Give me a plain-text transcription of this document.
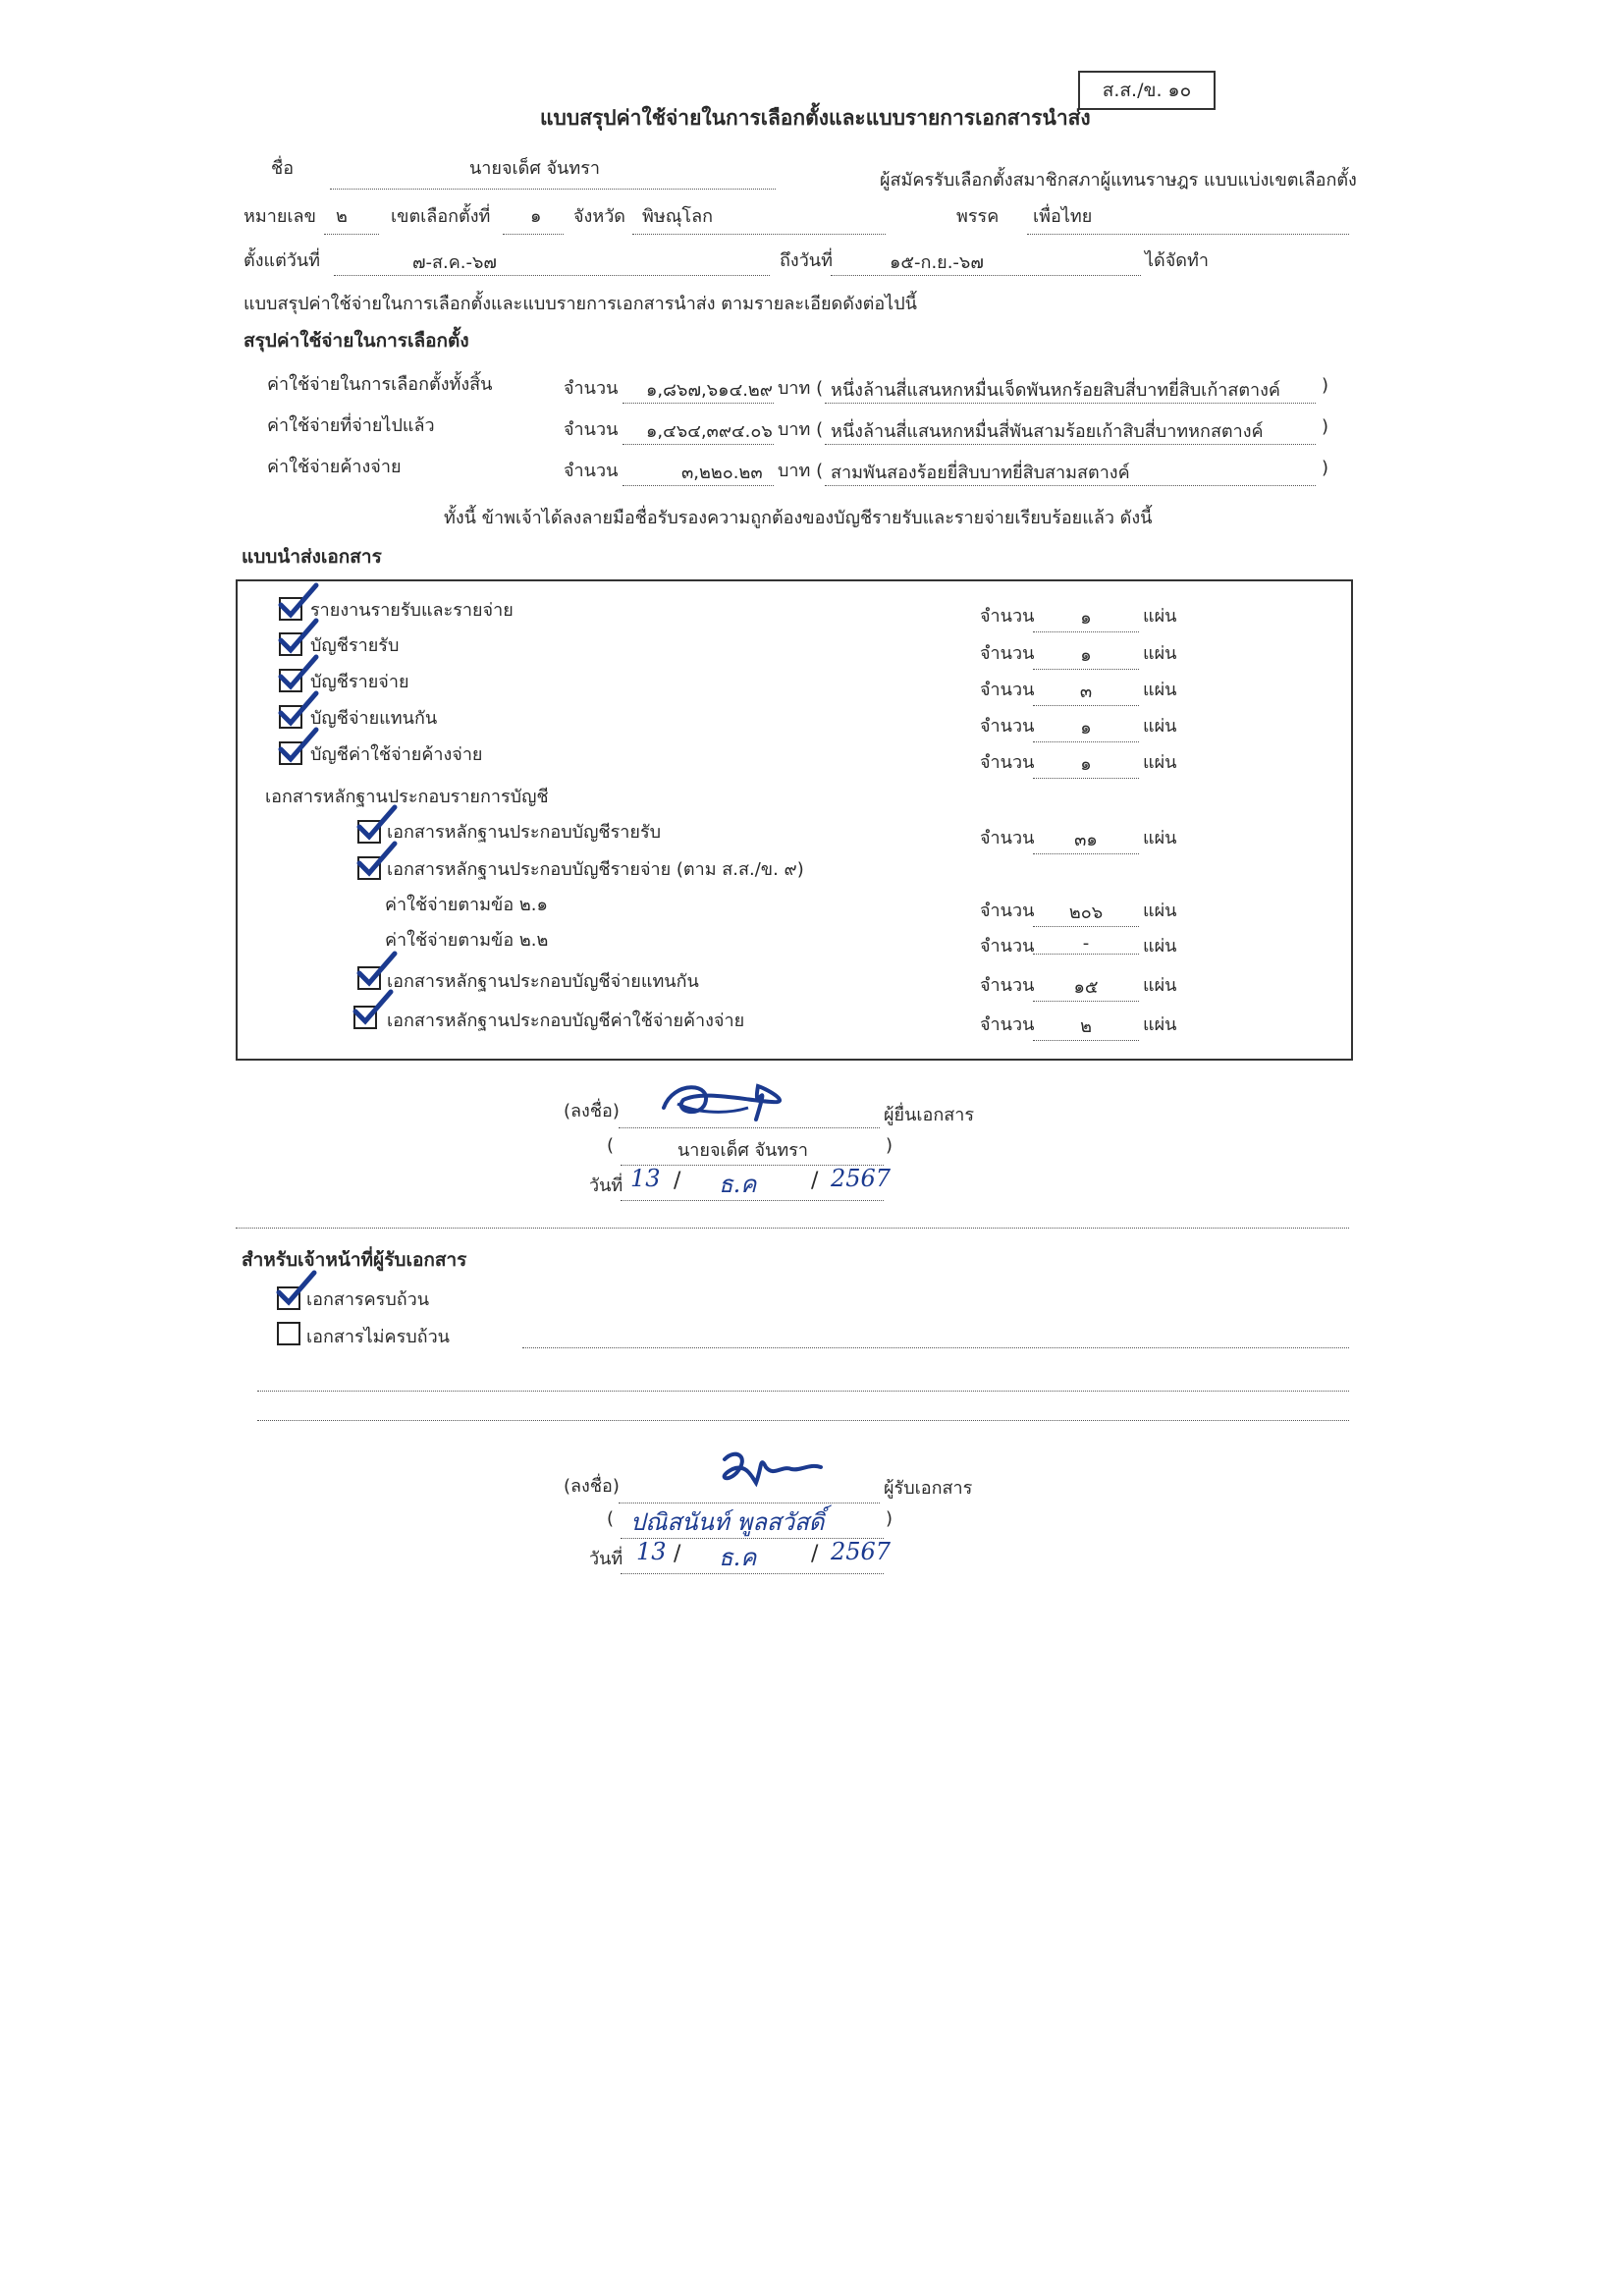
ส.ส./ข. ๑๐
แบบสรุปค่าใช้จ่ายในการเลือกตั้งและแบบรายการเอกสารนำส่ง
ชื่อ	นายจเด็ศ จันทรา
ผู้สมัครรับเลือกตั้งสมาชิกสภาผู้แทนราษฎร แบบแบ่งเขตเลือกตั้ง
หมายเลข ๒ เขตเลือกตั้งที่ ๑ จังหวัด พิษณุโลก	พรรค เพื่อไทย
ตั้งแต่วันที่	๗-ส.ค.-๖๗	ถึงวันที่	๑๕-ก.ย.-๖๗	ได้จัดทำ
แบบสรุปค่าใช้จ่ายในการเลือกตั้งและแบบรายการเอกสารนำส่ง ตามรายละเอียดดังต่อไปนี้
สรุปค่าใช้จ่ายในการเลือกตั้ง
ค่าใช้จ่ายในการเลือกตั้งทั้งสิ้น	จำนวน ๑,๘๖๗,๖๑๔.๒๙ บาท ( หนึ่งล้านสี่แสนหกหมื่นเจ็ดพันหกร้อยสิบสี่บาทยี่สิบเก้าสตางค์ )
ค่าใช้จ่ายที่จ่ายไปแล้ว	จำนวน ๑,๔๖๔,๓๙๔.๐๖ บาท ( หนึ่งล้านสี่แสนหกหมื่นสี่พันสามร้อยเก้าสิบสี่บาทหกสตางค์	)
ค่าใช้จ่ายค้างจ่าย	จำนวน	๓,๒๒๐.๒๓ บาท ( สามพันสองร้อยยี่สิบบาทยี่สิบสามสตางค์	)
ทั้งนี้ ข้าพเจ้าได้ลงลายมือชื่อรับรองความถูกต้องของบัญชีรายรับและรายจ่ายเรียบร้อยแล้ว ดังนี้
แบบนำส่งเอกสาร
รายงานรายรับและรายจ่าย	จำนวน	๑	แผ่น
บัญชีรายรับ	จำนวน	๑	แผ่น
บัญชีรายจ่าย	จำนวน	๓	แผ่น
บัญชีจ่ายแทนกัน	จำนวน	๑	แผ่น
บัญชีค่าใช้จ่ายค้างจ่าย	จำนวน	๑	แผ่น
เอกสารหลักฐานประกอบรายการบัญชี
เอกสารหลักฐานประกอบบัญชีรายรับ	จำนวน	๓๑	แผ่น
เอกสารหลักฐานประกอบบัญชีรายจ่าย (ตาม ส.ส./ข. ๙)
ค่าใช้จ่ายตามข้อ ๒.๑	จำนวน	๒๐๖	แผ่น
ค่าใช้จ่ายตามข้อ ๒.๒	จำนวน	-	แผ่น
เอกสารหลักฐานประกอบบัญชีจ่ายแทนกัน	จำนวน	๑๕	แผ่น
เอกสารหลักฐานประกอบบัญชีค่าใช้จ่ายค้างจ่าย	จำนวน	๒	แผ่น
(ลงชื่อ)	ผู้ยื่นเอกสาร
(	นายจเด็ศ จันทรา	)
วันที่ 13 / ธ.ค	/ 2567
สำหรับเจ้าหน้าที่ผู้รับเอกสาร
เอกสารครบถ้วน
เอกสารไม่ครบถ้วน
(ลงชื่อ)	ผู้รับเอกสาร
( ปณิสนันท์ พูลสวัสดิ์	)
วันที่ 13 / ธ.ค	/ 2567
